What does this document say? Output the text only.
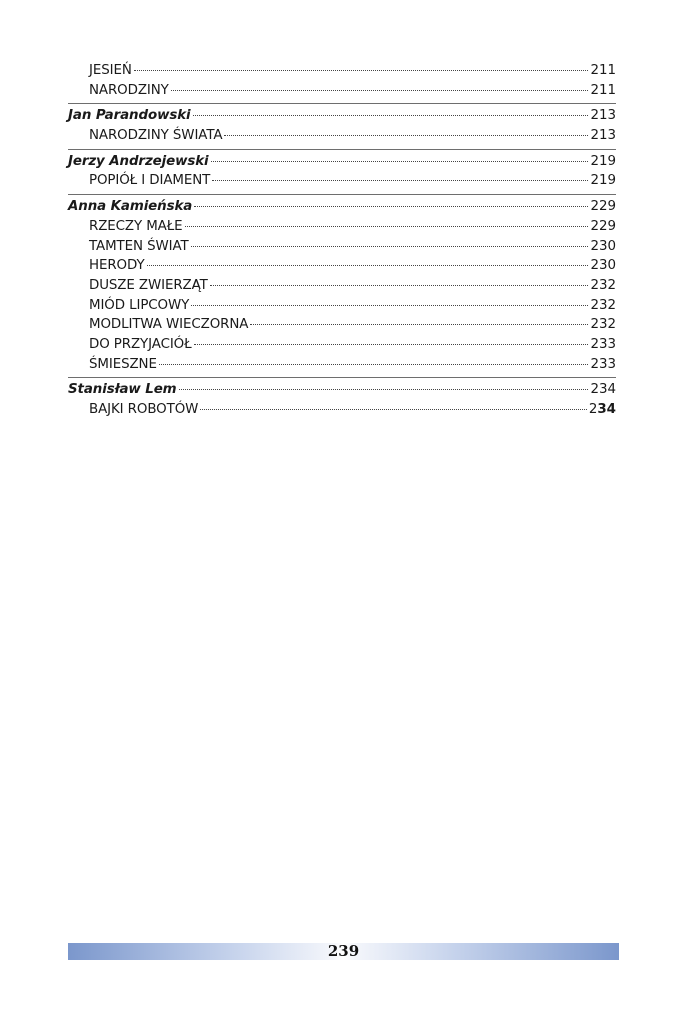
JESIEŃ	211
NARODZINY	211
Jan Parandowski	213
NARODZINY ŚWIATA	213
Jerzy Andrzejewski	219
POPIÓŁ I DIAMENT	219
Anna Kamieńska	229
RZECZY MAŁE	229
TAMTEN ŚWIAT	230
HERODY	230
DUSZE ZWIERZĄT	232
MIÓD LIPCOWY	232
MODLITWA WIECZORNA	232
DO PRZYJACIÓŁ	233
ŚMIESZNE	233
Stanisław Lem	234
BAJKI ROBOTÓW	234
239
